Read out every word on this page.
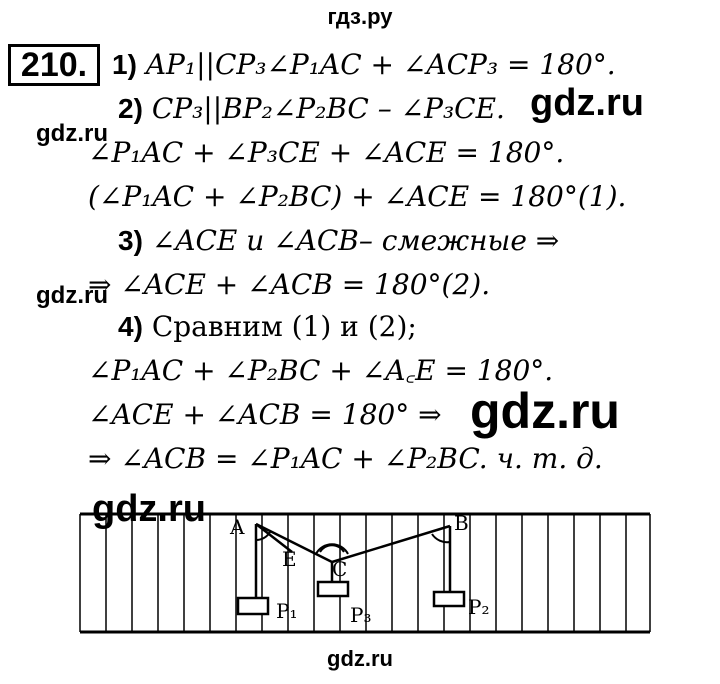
гдз.ру
210. 1) AP₁||CP₃∠P₁AC + ∠ACP₃ = 180°.
2) CP₃||BP₂∠P₂BC – ∠P₃CE.
∠P₁AC + ∠P₃CE + ∠ACE = 180°.
(∠P₁AC + ∠P₂BC) + ∠ACE = 180°(1).
3) ∠ACE и ∠ACB– смежные ⇒
⇒ ∠ACE + ∠ACB = 180°(2).
4) Сравним (1) и (2);
∠P₁AC + ∠P₂BC + ∠A꜀E = 180°.
∠ACE + ∠ACB = 180° ⇒
⇒ ∠ACB = ∠P₁AC + ∠P₂BC. ч. т. д.
gdz.ru
gdz.ru
gdz.ru
gdz.ru
gdz.ru A	B
C
E
P₁	P₃	P₂
gdz.ru
